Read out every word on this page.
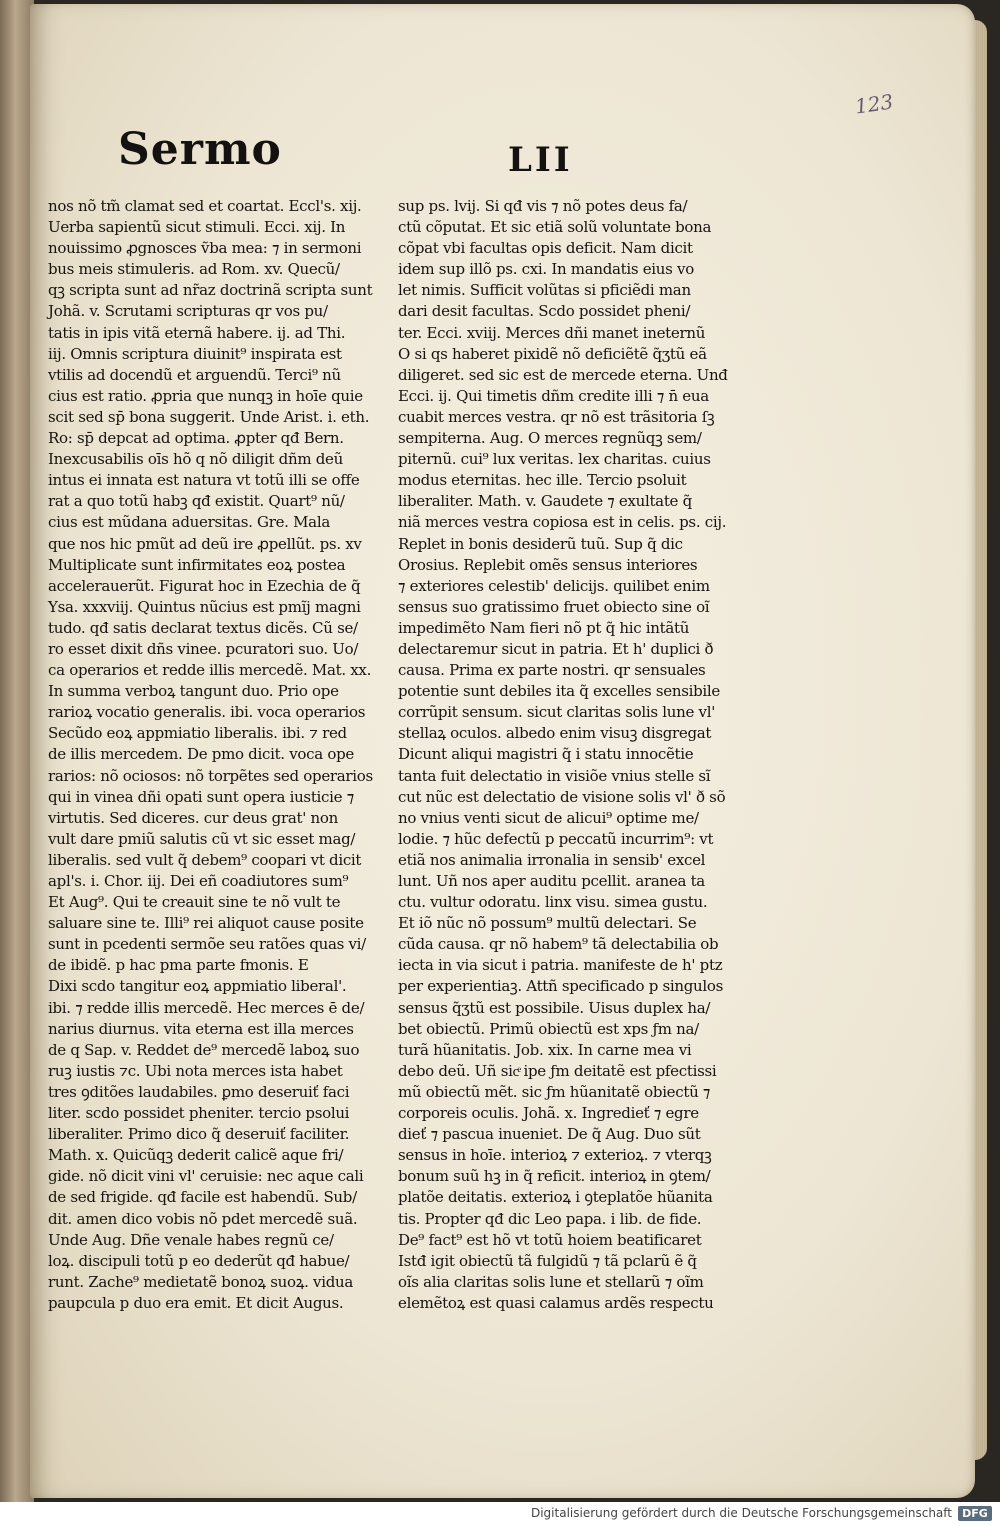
123
Sermo	LII
nos nõ tm̃ clamat sed et coartat. Eccl's. xij.
Uerba sapientũ sicut stimuli. Ecci. xij. In
nouissimo ꝓgnosces ṽba mea: ⁊ in sermoni
bus meis stimuleris. ad Rom. xv. Quecũ/
qꝫ scripta sunt ad nr̃az doctrinã scripta sunt
Johã. v. Scrutami scripturas qr vos pu/
tatis in ipis vitã eternã habere. ij. ad Thi.
iij. Omnis scriptura diuinit⁹ inspirata est
vtilis ad docendũ et arguendũ. Terci⁹ nũ
cius est ratio. ꝓpria que nunqꝫ in hoīe quie
scit sed sp̄ bona suggerit. Unde Arist. i. eth.
Ro: sp̄ depcat ad optima. ꝓpter qđ Bern.
Inexcusabilis oīs hõ q nõ diligit dñm deũ
intus ei innata est natura vt totũ illi se offe
rat a quo totũ habꝫ qđ existit. Quart⁹ nũ/
cius est mũdana aduersitas. Gre. Mala
que nos hic pmũt ad deũ ire ꝓpellũt. ps. xv
Multiplicate sunt infirmitates eoꝝ postea
accelerauerũt. Figurat hoc in Ezechia de q̃
Ysa. xxxviij. Quintus nũcius est pmĩj magni
tudo. qđ satis declarat textus dicẽs. Cũ se/
ro esset dixit dñs vinee. pcuratori suo. Uo/
ca operarios et redde illis mercedẽ. Mat. xx.
In summa verboꝝ tangunt duo. Prio ope
rarioꝝ vocatio generalis. ibi. voca operarios
Secũdo eoꝝ appmiatio liberalis. ibi. ⁊ red
de illis mercedem. De pmo dicit. voca ope
rarios: nõ ociosos: nõ torpẽtes sed operarios
qui in vinea dñi opati sunt opera iusticie ⁊
virtutis. Sed diceres. cur deus grat' non
vult dare pmiũ salutis cũ vt sic esset mag/
liberalis. sed vult q̃ debem⁹ coopari vt dicit
apl's. i. Chor. iij. Dei eñ coadiutores sum⁹
Et Aug⁹. Qui te creauit sine te nõ vult te
saluare sine te. Illi⁹ rei aliquot cause posite
sunt in pcedenti sermõe seu ratões quas vi/
de ibidẽ. p hac pma parte fmonis. E
Dixi scdo tangitur eoꝝ appmiatio liberal'.
ibi. ⁊ redde illis mercedẽ. Hec merces ē de/
narius diurnus. vita eterna est illa merces
de q Sap. v. Reddet de⁹ mercedẽ laboꝝ suo
ruꝫ iustis ⁊c. Ubi nota merces ista habet
tres ꝯditões laudabiles. ꝑmo deseruiť faci
liter. scdo possidet pheniter. tercio psolui
liberaliter. Primo dico q̃ deseruiť faciliter.
Math. x. Quicũqꝫ dederit calicẽ aque fri/
gide. nõ dicit vini vl' ceruisie: nec aque cali
de sed frigide. qđ facile est habendũ. Sub/
dit. amen dico vobis nõ pdet mercedẽ suã.
Unde Aug. Dñe venale habes regnũ ce/
loꝝ. discipuli totũ p eo dederũt qđ habue/
runt. Zache⁹ medietatẽ bonoꝝ suoꝝ. vidua
paupcula p duo era emit. Et dicit Augus.
sup ps. lvij. Si qđ vis ⁊ nõ potes deus fa/
ctũ cõputat. Et sic etiã solũ voluntate bona
cõpat vbi facultas opis deficit. Nam dicit
idem sup illõ ps. cxi. In mandatis eius vo
let nimis. Sufficit volũtas si pficiẽdi man
dari desit facultas. Scdo possidet pheni/
ter. Ecci. xviij. Merces dñi manet ineternũ
O si qs haberet pixidẽ nõ deficiẽtẽ q̃ʒtũ eã
diligeret. sed sic est de mercede eterna. Unđ
Ecci. ij. Qui timetis dñm credite illi ⁊ n̄ eua
cuabit merces vestra. qr nõ est trãsitoria ſꝫ
sempiterna. Aug. O merces regnũqꝫ sem/
piternũ. cui⁹ lux veritas. lex charitas. cuius
modus eternitas. hec ille. Tercio psoluit
liberaliter. Math. v. Gaudete ⁊ exultate q̃
niã merces vestra copiosa est in celis. ps. cij.
Replet in bonis desiderũ tuũ. Sup q̃ dic
Orosius. Replebit omẽs sensus interiores
⁊ exteriores celestib' delicijs. quilibet enim
sensus suo gratissimo fruet obiecto sine oĩ
impedimẽto Nam fieri nõ pt q̃ hic intãtũ
delectaremur sicut in patria. Et h' duplici ð
causa. Prima ex parte nostri. qr sensuales
potentie sunt debiles ita q̃ excelles sensibile
corrũpit sensum. sicut claritas solis lune vl'
stellaꝝ oculos. albedo enim visuꝫ disgregat
Dicunt aliqui magistri q̃ i statu innocẽtie
tanta fuit delectatio in visiõe vnius stelle sĩ
cut nũc est delectatio de visione solis vl' ð sõ
no vnius venti sicut de alicui⁹ optime me/
lodie. ⁊ hũc defectũ p peccatũ incurrim⁹: vt
etiã nos animalia irronalia in sensib' excel
lunt. Uñ nos aper auditu pcellit. aranea ta
ctu. vultur odoratu. linx visu. simea gustu.
Et iõ nũc nõ possum⁹ multũ delectari. Se
cũda causa. qr nõ habem⁹ tã delectabilia ob
iecta in via sicut i patria. manifeste de h' ptz
per experientiaꝫ. Attñ specificado p singulos
sensus q̃ʒtũ est possibile. Uisus duplex ha/
bet obiectũ. Primũ obiectũ est xps ƒm na/
turã hũanitatis. Job. xix. In carne mea vi
debo deũ. Uñ sicͤ ipe ƒm deitatẽ est pfectissi
mũ obiectũ mẽt. sic ƒm hũanitatẽ obiectũ ⁊
corporeis oculis. Johã. x. Ingredieť ⁊ egre
dieť ⁊ pascua inueniet. De q̃ Aug. Duo sũt
sensus in hoīe. interioꝝ ⁊ exterioꝝ. ⁊ vterqꝫ
bonum suũ hꝫ in q̃ reficit. interioꝝ in ꝯtem/
platõe deitatis. exterioꝝ i ꝯteplatõe hũanita
tis. Propter qđ dic Leo papa. i lib. de fide.
De⁹ fact⁹ est hõ vt totũ hoiem beatificaret
Istđ igit obiectũ tã fulgidũ ⁊ tã pclarũ ẽ q̃
oĩs alia claritas solis lune et stellarũ ⁊ oĩm
elemẽtoꝝ est quasi calamus ardẽs respectu
Digitalisierung gefördert durch die Deutsche Forschungsgemeinschaft DFG
